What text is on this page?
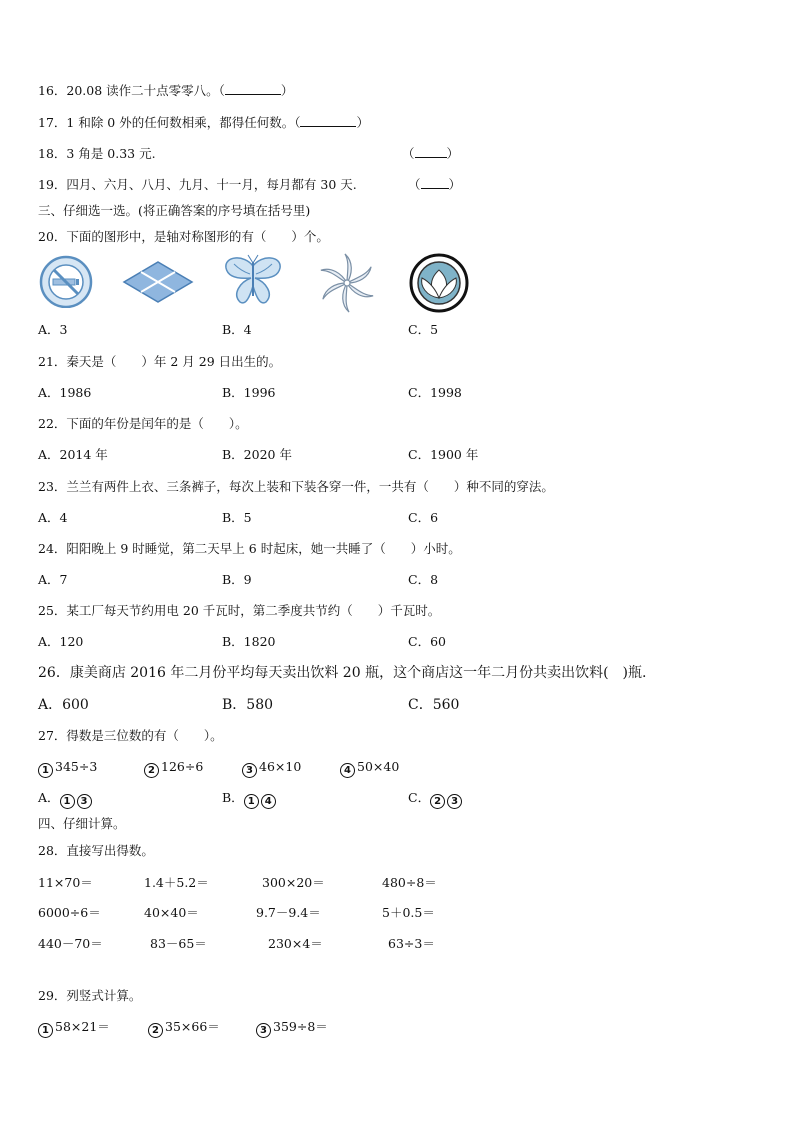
16．20.08 读作二十点零零八。（	）
17．1 和除 0 外的任何数相乘，都得任何数。（	）
18．3 角是 0.33 元.	（	）
19．四月、六月、八月、九月、十一月，每月都有 30 天.	（ ）
三、仔细选一选。(将正确答案的序号填在括号里)
20．下面的图形中，是轴对称图形的有（　　）个。
A．3	B．4	C．5
21．秦天是（　　）年 2 月 29 日出生的。
A．1986	B．1996	C．1998
22．下面的年份是闰年的是（　　）。
A．2014 年	B．2020 年	C．1900 年
23．兰兰有两件上衣、三条裤子，每次上装和下装各穿一件，一共有（　　）种不同的穿法。
A．4	B．5	C．6
24．阳阳晚上 9 时睡觉，第二天早上 6 时起床，她一共睡了（　　）小时。
A．7	B．9	C．8
25．某工厂每天节约用电 20 千瓦时，第二季度共节约（　　）千瓦时。
A．120	B．1820	C．60
26．康美商店 2016 年二月份平均每天卖出饮料 20 瓶，这个商店这一年二月份共卖出饮料(　)瓶.
A．600	B．580	C．560
27．得数是三位数的有（　　）。
1 345÷3	2 126÷6	3 46×10	4 50×40
A． 1 3	B． 1 4	C． 2 3
四、仔细计算。
28．直接写出得数。
11×70＝	1.4＋5.2＝	300×20＝	480÷8＝
6000÷6＝	40×40＝	9.7－9.4＝	5＋0.5＝
440－70＝	83－65＝	230×4＝	63÷3＝
29．列竖式计算。
1 58×21＝	2 35×66＝	3 359÷8＝
